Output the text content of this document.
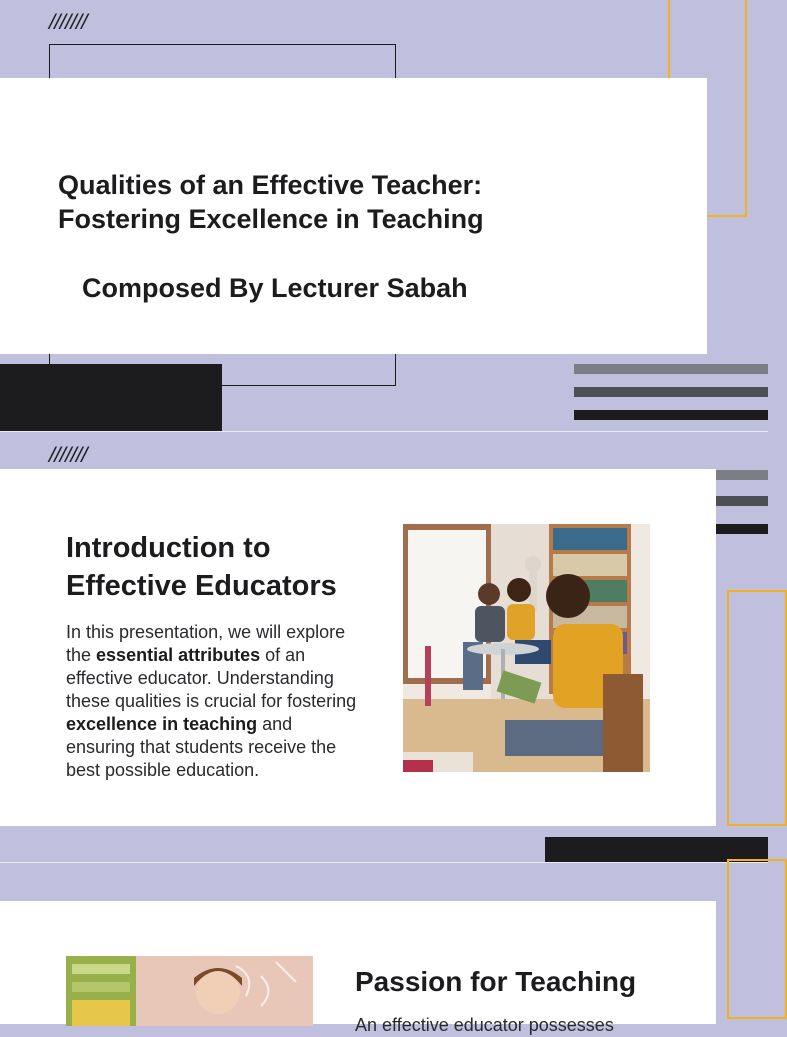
///////
Qualities of an Effective Teacher:
Fostering Excellence in Teaching
Composed By Lecturer Sabah
///////
Introduction to
Effective Educators
In this presentation, we will explore the essential attributes of an effective educator. Understanding these qualities is crucial for fostering excellence in teaching and ensuring that students receive the best possible education.
Passion for Teaching
An effective educator possesses
